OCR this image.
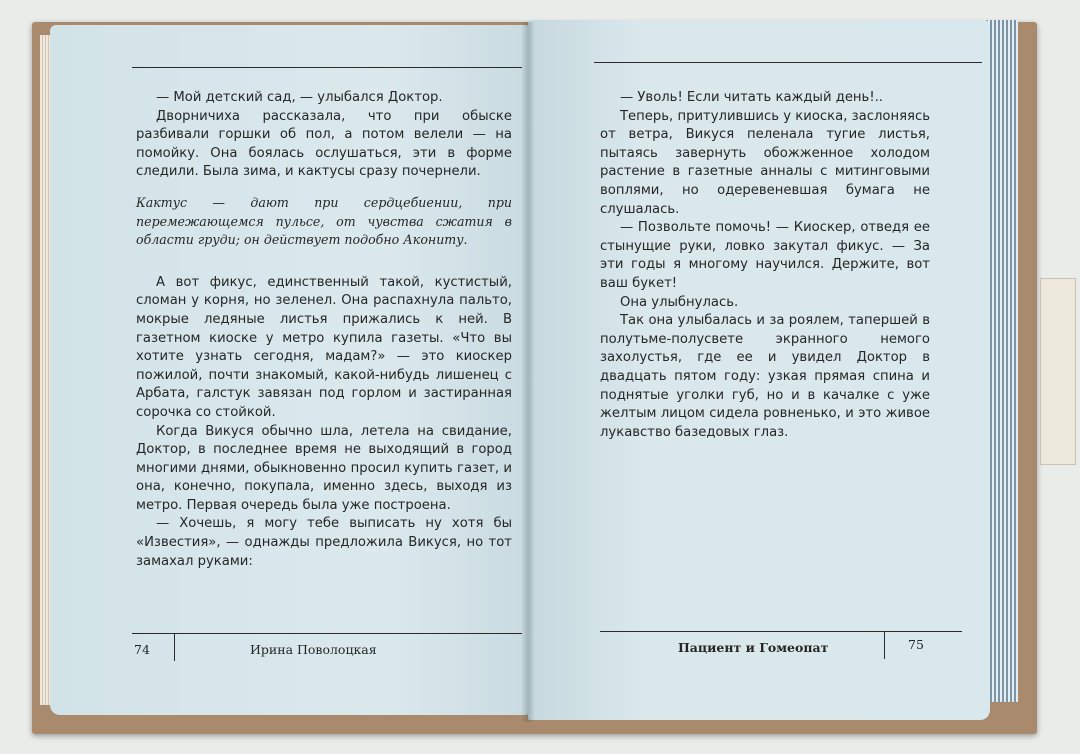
— Мой детский сад, — улыбался Доктор.

Дворничиха рассказала, что при обыске разбивали горшки об пол, а потом велели — на помойку. Она боялась ослушаться, эти в форме следили. Была зима, и кактусы сразу почернели.

Кактус — дают при сердцебиении, при перемежающемся пульсе, от чувства сжатия в области груди; он действует подобно Акониту.

А вот фикус, единственный такой, кустистый, сломан у корня, но зеленел. Она распахнула пальто, мокрые ледяные листья прижались к ней. В газетном киоске у метро купила газеты. «Что вы хотите узнать сегодня, мадам?» — это киоскер пожилой, почти знакомый, какой-нибудь лишенец с Арбата, галстук завязан под горлом и застиранная сорочка со стойкой.

Когда Викуся обычно шла, летела на свидание, Доктор, в последнее время не выходящий в город многими днями, обыкновенно просил купить газет, и она, конечно, покупала, именно здесь, выходя из метро. Первая очередь была уже построена.

— Хочешь, я могу тебе выписать ну хотя бы «Известия», — однажды предложила Викуся, но тот замахал руками:

74	Ирина Поволоцкая

— Уволь! Если читать каждый день!..

Теперь, притулившись у киоска, заслоняясь от ветра, Викуся пеленала тугие листья, пытаясь завернуть обожженное холодом растение в газетные анналы с митинговыми воплями, но одеревеневшая бумага не слушалась.

— Позвольте помочь! — Киоскер, отведя ее стынущие руки, ловко закутал фикус. — За эти годы я многому научился. Держите, вот ваш букет!

Она улыбнулась.

Так она улыбалась и за роялем, тапершей в полутьме-полусвете экранного немого захолустья, где ее и увидел Доктор в двадцать пятом году: узкая прямая спина и поднятые уголки губ, но и в качалке с уже желтым лицом сидела ровненько, и это живое лукавство базедовых глаз.

Пациент и Гомеопат	75
